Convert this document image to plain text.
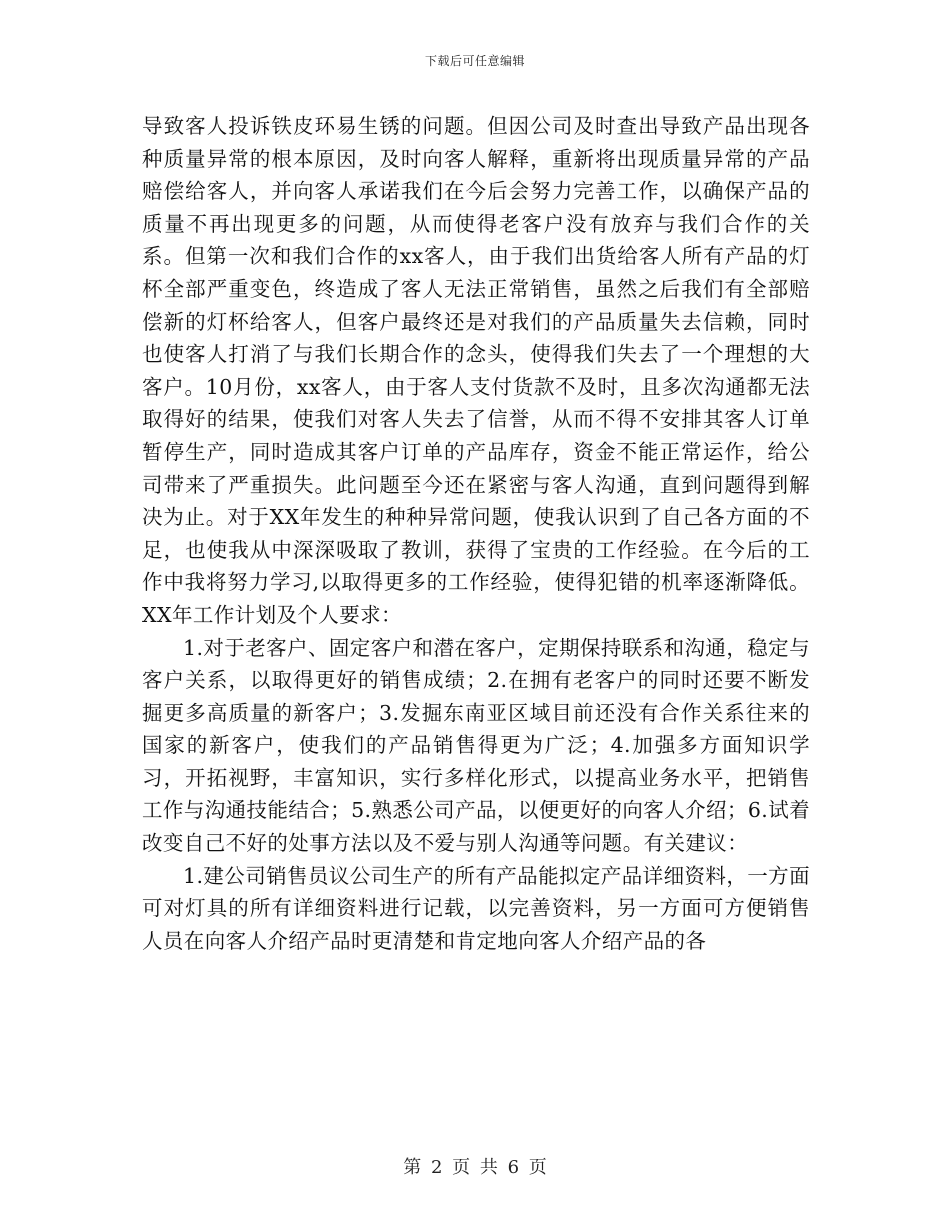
下载后可任意编辑

导致客人投诉铁皮环易生锈的问题。但因公司及时查出导致产品出现各种质量异常的根本原因，及时向客人解释，重新将出现质量异常的产品赔偿给客人，并向客人承诺我们在今后会努力完善工作，以确保产品的质量不再出现更多的问题，从而使得老客户没有放弃与我们合作的关系。但第一次和我们合作的xx客人，由于我们出货给客人所有产品的灯杯全部严重变色，终造成了客人无法正常销售，虽然之后我们有全部赔偿新的灯杯给客人，但客户最终还是对我们的产品质量失去信赖，同时也使客人打消了与我们长期合作的念头，使得我们失去了一个理想的大客户。10月份，xx客人，由于客人支付货款不及时，且多次沟通都无法取得好的结果，使我们对客人失去了信誉，从而不得不安排其客人订单暂停生产，同时造成其客户订单的产品库存，资金不能正常运作，给公司带来了严重损失。此问题至今还在紧密与客人沟通，直到问题得到解决为止。对于XX年发生的种种异常问题，使我认识到了自己各方面的不足，也使我从中深深吸取了教训，获得了宝贵的工作经验。在今后的工作中我将努力学习,以取得更多的工作经验，使得犯错的机率逐渐降低。XX年工作计划及个人要求：

1.对于老客户、固定客户和潜在客户，定期保持联系和沟通，稳定与客户关系，以取得更好的销售成绩；2.在拥有老客户的同时还要不断发掘更多高质量的新客户；3.发掘东南亚区域目前还没有合作关系往来的国家的新客户，使我们的产品销售得更为广泛；4.加强多方面知识学习，开拓视野，丰富知识，实行多样化形式，以提高业务水平，把销售工作与沟通技能结合；5.熟悉公司产品，以便更好的向客人介绍；6.试着改变自己不好的处事方法以及不爱与别人沟通等问题。有关建议：

1.建公司销售员议公司生产的所有产品能拟定产品详细资料，一方面可对灯具的所有详细资料进行记载，以完善资料，另一方面可方便销售人员在向客人介绍产品时更清楚和肯定地向客人介绍产品的各

第 2 页 共 6 页
